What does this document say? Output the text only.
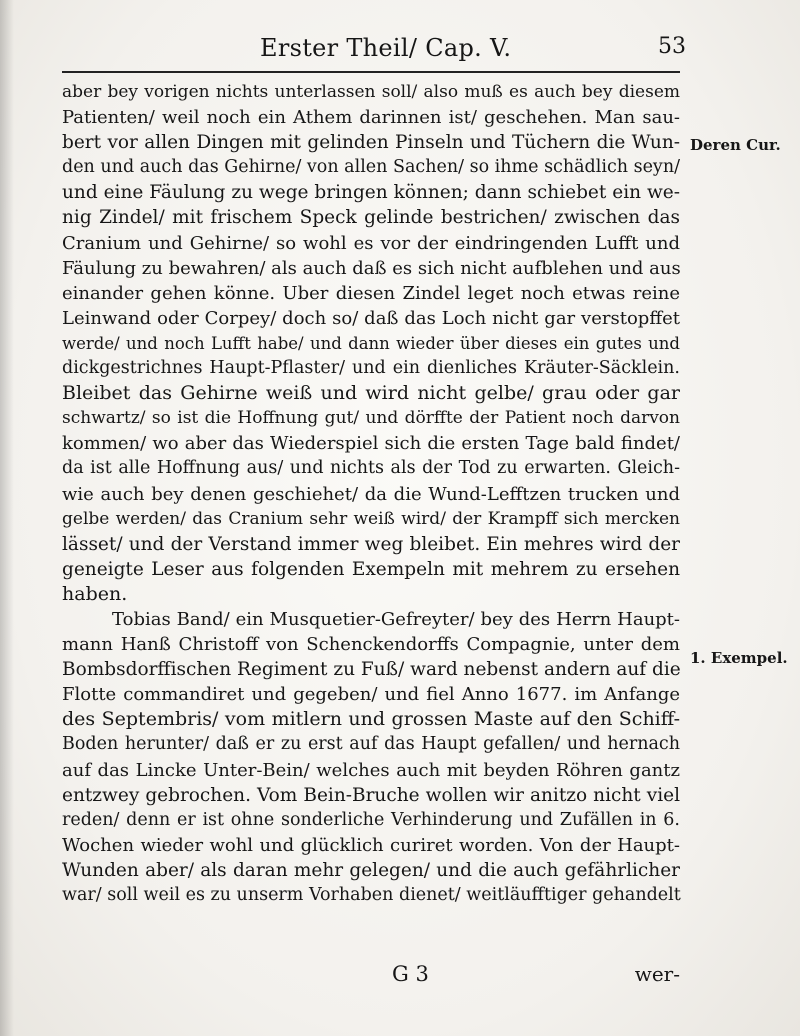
Erster Theil/ Cap. V.	53
aber bey vorigen nichts unterlassen soll/ also muß es auch bey diesem
Patienten/ weil noch ein Athem darinnen ist/ geschehen. Man sau-
bert vor allen Dingen mit gelinden Pinseln und Tüchern die Wun-
den und auch das Gehirne/ von allen Sachen/ so ihme schädlich seyn/
und eine Fäulung zu wege bringen können; dann schiebet ein we-
nig Zindel/ mit frischem Speck gelinde bestrichen/ zwischen das
Cranium und Gehirne/ so wohl es vor der eindringenden Lufft und
Fäulung zu bewahren/ als auch daß es sich nicht aufblehen und aus
einander gehen könne. Uber diesen Zindel leget noch etwas reine
Leinwand oder Corpey/ doch so/ daß das Loch nicht gar verstopffet
werde/ und noch Lufft habe/ und dann wieder über dieses ein gutes und
dickgestrichnes Haupt-Pflaster/ und ein dienliches Kräuter-Säcklein.
Bleibet das Gehirne weiß und wird nicht gelbe/ grau oder gar
schwartz/ so ist die Hoffnung gut/ und dörffte der Patient noch darvon
kommen/ wo aber das Wiederspiel sich die ersten Tage bald findet/
da ist alle Hoffnung aus/ und nichts als der Tod zu erwarten. Gleich-
wie auch bey denen geschiehet/ da die Wund-Lefftzen trucken und
gelbe werden/ das Cranium sehr weiß wird/ der Krampff sich mercken
lässet/ und der Verstand immer weg bleibet. Ein mehres wird der
geneigte Leser aus folgenden Exempeln mit mehrem zu ersehen
haben.
Tobias Band/ ein Musquetier-Gefreyter/ bey des Herrn Haupt-
mann Hanß Christoff von Schenckendorffs Compagnie, unter dem
Bombsdorffischen Regiment zu Fuß/ ward nebenst andern auf die
Flotte commandiret und gegeben/ und fiel Anno 1677. im Anfange
des Septembris/ vom mitlern und grossen Maste auf den Schiff-
Boden herunter/ daß er zu erst auf das Haupt gefallen/ und hernach
auf das Lincke Unter-Bein/ welches auch mit beyden Röhren gantz
entzwey gebrochen. Vom Bein-Bruche wollen wir anitzo nicht viel
reden/ denn er ist ohne sonderliche Verhinderung und Zufällen in 6.
Wochen wieder wohl und glücklich curiret worden. Von der Haupt-
Wunden aber/ als daran mehr gelegen/ und die auch gefährlicher
war/ soll weil es zu unserm Vorhaben dienet/ weitläufftiger gehandelt
Deren Cur.
1. Exempel.
G 3	wer-
